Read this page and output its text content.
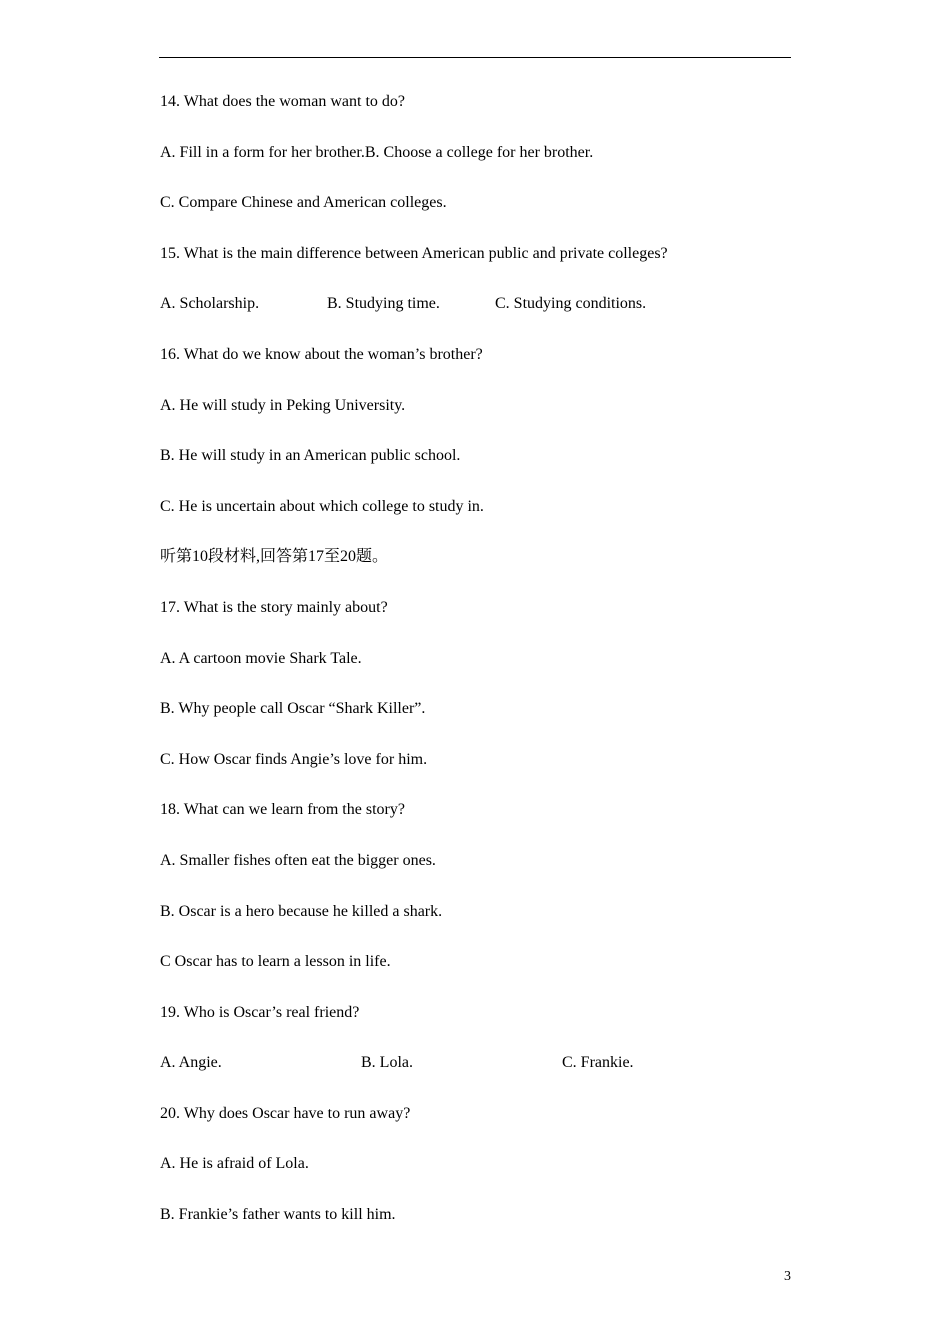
14. What does the woman want to do?
A. Fill in a form for her brother.B. Choose a college for her brother.
C. Compare Chinese and American colleges.
15. What is the main difference between American public and private colleges?
A. Scholarship.	B. Studying time.	C. Studying conditions.
16. What do we know about the woman’s brother?
A. He will study in Peking University.
B. He will study in an American public school.
C. He is uncertain about which college to study in.
听第10段材料,回答第17至20题。
17. What is the story mainly about?
A. A cartoon movie Shark Tale.
B. Why people call Oscar “Shark Killer”.
C. How Oscar finds Angie’s love for him.
18. What can we learn from the story?
A. Smaller fishes often eat the bigger ones.
B. Oscar is a hero because he killed a shark.
C Oscar has to learn a lesson in life.
19. Who is Oscar’s real friend?
A. Angie.	B. Lola.	C. Frankie.
20. Why does Oscar have to run away?
A. He is afraid of Lola.
B. Frankie’s father wants to kill him.
3
